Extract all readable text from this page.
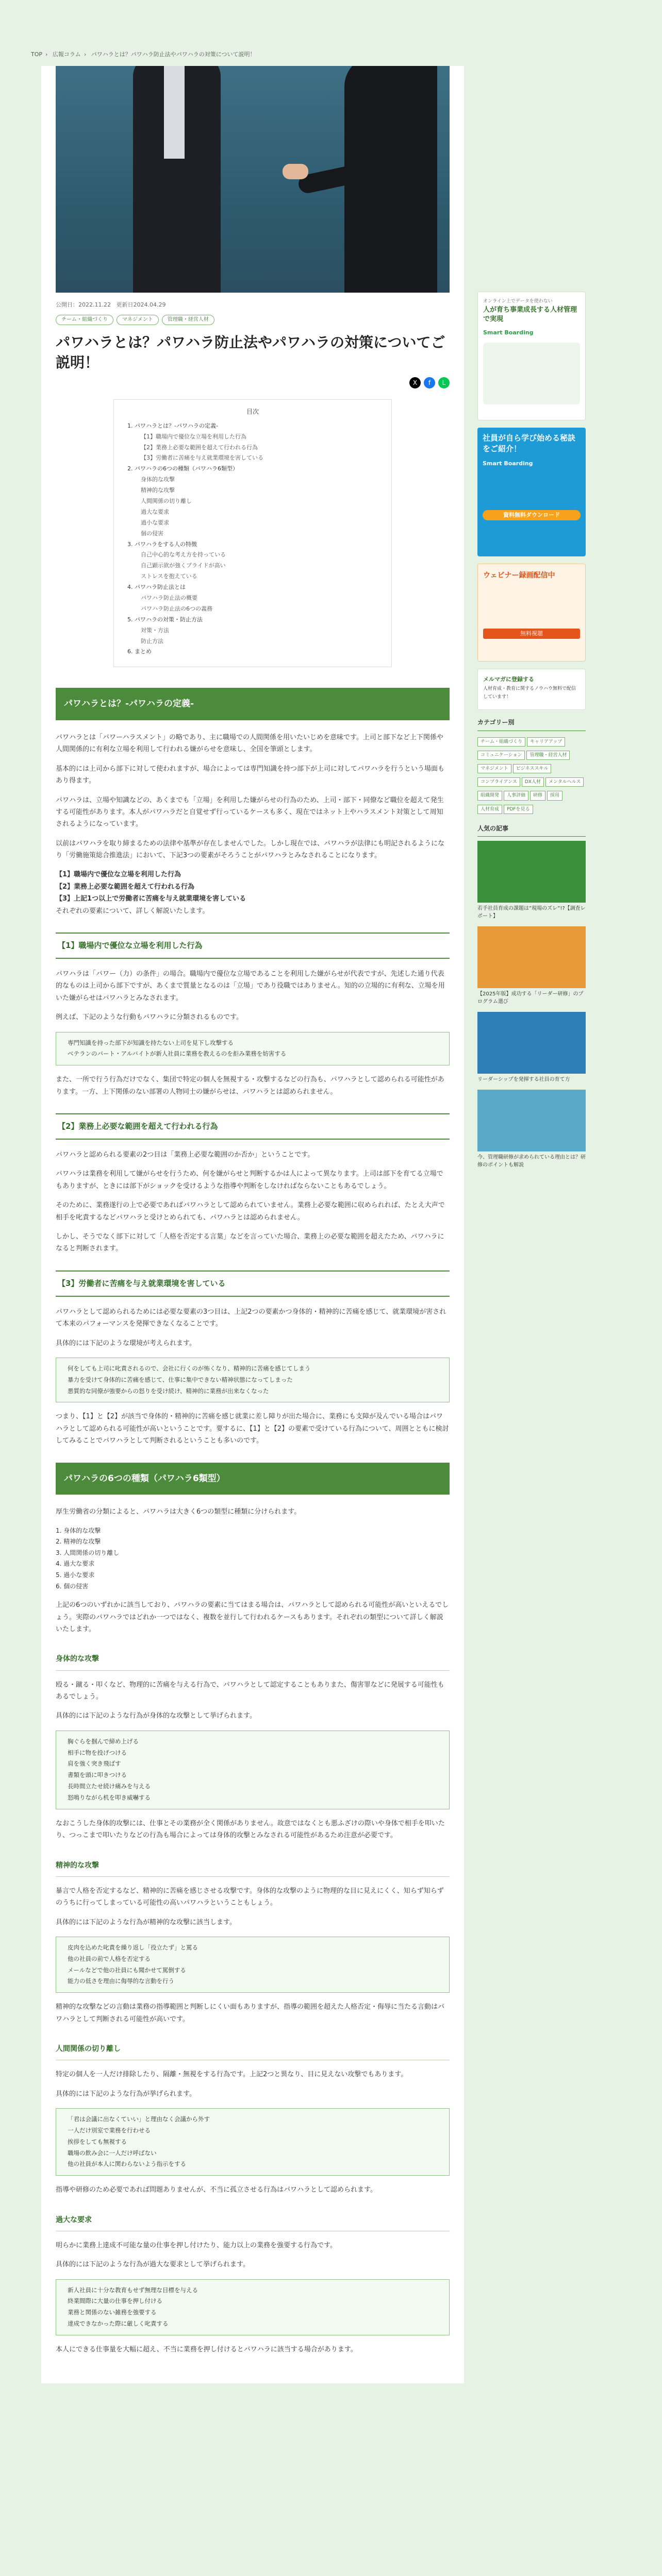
TOP › 広報コラム › パワハラとは？パワハラ防止法やパワハラの対策について説明！
公開日：2022.11.22 更新日2024.04.29
チーム・組織づくり	マネジメント	管理職・経営人材
パワハラとは？パワハラ防止法やパワハラの対策についてご説明！
X f L
目次
1. パワハラとは？-パワハラの定義-
【1】職場内で優位な立場を利用した行為
【2】業務上必要な範囲を超えて行われる行為
【3】労働者に苦痛を与え就業環境を害している
2. パワハラの6つの種類（パワハラ6類型）
身体的な攻撃
精神的な攻撃
人間関係の切り離し
過大な要求
過小な要求
個の侵害
3. パワハラをする人の特徴
自己中心的な考え方を持っている
自己顕示欲が強くプライドが高い
ストレスを抱えている
4. パワハラ防止法とは
パワハラ防止法の概要
パワハラ防止法の6つの義務
5. パワハラの対策・防止方法
対策・方法
防止方法
6. まとめ
パワハラとは？-パワハラの定義-

パワハラとは「パワーハラスメント」の略であり、主に職場での人間関係を用いたいじめを意味です。上司と部下など上下関係や人間関係的に有利な立場を利用して行われる嫌がらせを意味し、全国を筆頭とします。

基本的には上司から部下に対して使われますが、場合によっては専門知識を持つ部下が上司に対してパワハラを行うという場面もあり得ます。

パワハラは、立場や知識などの、あくまでも「立場」を利用した嫌がらせの行為のため、上司・部下・同僚など職位を超えて発生する可能性があります。本人がパワハラだと自覚せず行っているケースも多く、現在ではネット上やハラスメント対策として周知されるようになっています。

以前はパワハラを取り締まるための法律や基準が存在しませんでした。しかし現在では、パワハラが法律にも明記されるようになり「労働施策総合推進法」において、下記3つの要素がそろうことがパワハラとみなされることになります。

【1】職場内で優位な立場を利用した行為
【2】業務上必要な範囲を超えて行われる行為
【3】上記1つ以上で労働者に苦痛を与え就業環境を害している

それぞれの要素について、詳しく解説いたします。

【1】職場内で優位な立場を利用した行為

パワハラは「パワー（力）の条件」の場合。職場内で優位な立場であることを利用した嫌がらせが代表ですが、先述した通り代表的なものは上司から部下ですが、あくまで質量となるのは「立場」であり役職ではありません。知的の立場的に有利な、立場を用いた嫌がらせはパワハラとみなされます。

例えば、下記のような行動もパワハラに分類されるものです。

専門知識を持った部下が知識を持たない上司を見下し攻撃する
ベテランのパート・アルバイトが新人社員に業務を教えるのを拒み業務を妨害する

また、一所で行う行為だけでなく、集団で特定の個人を無視する・攻撃するなどの行為も、パワハラとして認められる可能性があります。一方、上下関係のない部署の人物同士の嫌がらせは、パワハラとは認められません。

【2】業務上必要な範囲を超えて行われる行為

パワハラと認められる要素の2つ目は「業務上必要な範囲のか否か」ということです。

パワハラは業務を利用して嫌がらせを行うため、何を嫌がらせと判断するかは人によって異なります。上司は部下を育てる立場でもありますが、ときには部下がショックを受けるような指導や判断をしなければならないこともあるでしょう。

そのために、業務遂行の上で必要であればパワハラとして認められていません。業務上必要な範囲に収められれば、たとえ大声で相手を叱責するなどパワハラと受けとめられても、パワハラとは認められません。

しかし、そうでなく部下に対して「人格を否定する言葉」などを言っていた場合、業務上の必要な範囲を超えたため、パワハラになると判断されます。

【3】労働者に苦痛を与え就業環境を害している

パワハラとして認められるためには必要な要素の3つ目は、上記2つの要素かつ身体的・精神的に苦痛を感じて、就業環境が害されて本来のパフォーマンスを発揮できなくなることです。

具体的には下記のような環境が考えられます。

何をしても上司に叱責されるので、会社に行くのが怖くなり、精神的に苦痛を感じてしまう
暴力を受けて身体的に苦痛を感じて、仕事に集中できない精神状態になってしまった
悪質的な同僚が強要からの怒りを受け続け、精神的に業務が出来なくなった

つまり、【1】と【2】が該当で身体的・精神的に苦痛を感じ就業に差し障りが出た場合に、業務にも支障が及んでいる場合はパワハラとして認められる可能性が高いということです。要するに、【1】と【2】の要素で受けている行為について、周囲とともに検討してみることでパワハラとして判断されるということも多いのです。

パワハラの6つの種類（パワハラ6類型）

厚生労働省の分類によると、パワハラは大きく6つの類型に種類に分けられます。

1. 身体的な攻撃
2. 精神的な攻撃
3. 人間関係の切り離し
4. 過大な要求
5. 過小な要求
6. 個の侵害

上記の6つのいずれかに該当しており、パワハラの要素に当てはまる場合は、パワハラとして認められる可能性が高いといえるでしょう。実際のパワハラではどれか一つではなく、複数を並行して行われるケースもあります。それぞれの類型について詳しく解説いたします。

身体的な攻撃

殴る・蹴る・叩くなど、物理的に苦痛を与える行為で、パワハラとして認定することもありまた、傷害罪などに発展する可能性もあるでしょう。

具体的には下記のような行為が身体的な攻撃として挙げられます。

胸ぐらを掴んで締め上げる
相手に物を投げつける
肩を強く突き飛ばす
書類を頭に叩きつける
長時間立たせ続け痛みを与える
怒鳴りながら机を叩き威嚇する

なおこうした身体的攻撃には、仕事とその業務が全く関係がありません。故意ではなくとも悪ふざけの際いや身体で相手を叩いたり、つっこまで叩いたりなどの行為も場合によっては身体的攻撃とみなされる可能性があるため注意が必要です。

精神的な攻撃

暴言で人格を否定するなど、精神的に苦痛を感じさせる攻撃です。身体的な攻撃のように物理的な目に見えにくく、知らず知らずのうちに行ってしまっている可能性の高いパワハラということもしょう。

具体的には下記のような行為が精神的な攻撃に該当します。

皮肉を込めた叱責を繰り返し「役立たず」と罵る
他の社員の前で人格を否定する
メールなどで他の社員にも聞かせて罵倒する
能力の低さを理由に侮辱的な言動を行う

精神的な攻撃などの言動は業務の指導範囲と判断しにくい面もありますが、指導の範囲を超えた人格否定・侮辱に当たる言動はパワハラとして判断される可能性が高いです。

人間関係の切り離し

特定の個人を一人だけ排除したり、隔離・無視をする行為です。上記2つと異なり、目に見えない攻撃でもあります。

具体的には下記のような行為が挙げられます。

「君は会議に出なくていい」と理由なく会議から外す
一人だけ別室で業務を行わせる
挨拶をしても無視する
職場の飲み会に一人だけ呼ばない
他の社員が本人に関わらないよう指示をする

指導や研修のため必要であれば問題ありませんが、不当に孤立させる行為はパワハラとして認められます。

過大な要求

明らかに業務上達成不可能な量の仕事を押し付けたり、能力以上の業務を強要する行為です。

具体的には下記のような行為が過大な要求として挙げられます。

新人社員に十分な教育もせず無理な目標を与える
終業間際に大量の仕事を押し付ける
業務と関係のない雑務を強要する
達成できなかった際に厳しく叱責する

本人にできる仕事量を大幅に超え、不当に業務を押し付けるとパワハラに該当する場合があります。

オンライン上でデータを使わない
人が育ち事業成長する人材管理で実現
Smart Boarding
社員が自ら学び始める秘訣をご紹介！
Smart Boarding
資料無料ダウンロード
ウェビナー録画配信中
無料視聴
メルマガに登録する
人材育成・教育に関するノウハウ無料で配信しています！
カテゴリー別
チーム・組織づくり キャリアアップコミュニケーション 管理職・経営人材マネジメント ビジネススキルコンプライアンス DX人材 メンタルヘルス組織開発 人事評価 研修 採用人材育成 PDFを見る
人気の記事
若手社員育成の課題は”現場のズレ”!?【調査レポート】
【2025年版】成功する「リーダー研修」のプログラム選び
リーダーシップを発揮する社員の育て方
今、管理職研修が求められている理由とは？研修のポイントも解説
